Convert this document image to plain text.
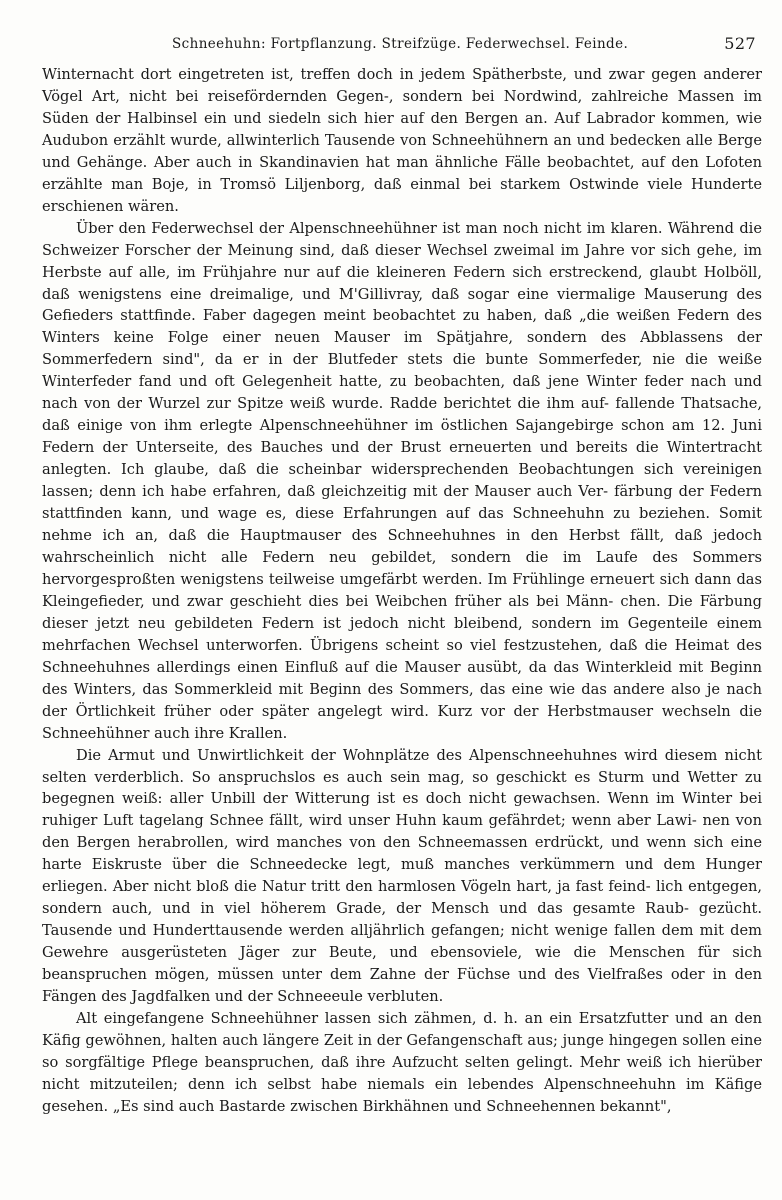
Schneehuhn: Fortpflanzung. Streifzüge. Federwechsel. Feinde.	527

Winternacht dort eingetreten ist, treffen doch in jedem Spätherbste, und zwar gegen anderer Vögel Art, nicht bei reisefördernden Gegen-, sondern bei Nordwind, zahlreiche Massen im Süden der Halbinsel ein und siedeln sich hier auf den Bergen an. Auf Labrador kommen, wie Audubon erzählt wurde, allwinterlich Tausende von Schneehühnern an und bedecken alle Berge und Gehänge. Aber auch in Skandinavien hat man ähnliche Fälle beobachtet, auf den Lofoten erzählte man Boje, in Tromsö Liljenborg, daß einmal bei starkem Ostwinde viele Hunderte erschienen wären.

Über den Federwechsel der Alpenschneehühner ist man noch nicht im klaren. Während die Schweizer Forscher der Meinung sind, daß dieser Wechsel zweimal im Jahre vor sich gehe, im Herbste auf alle, im Frühjahre nur auf die kleineren Federn sich erstreckend, glaubt Holböll, daß wenigstens eine dreimalige, und M'Gillivray, daß sogar eine viermalige Mauserung des Gefieders stattfinde. Faber dagegen meint beobachtet zu haben, daß „die weißen Federn des Winters keine Folge einer neuen Mauser im Spätjahre, sondern des Abblassens der Sommerfedern sind", da er in der Blutfeder stets die bunte Sommerfeder, nie die weiße Winterfeder fand und oft Gelegenheit hatte, zu beobachten, daß jene Winter feder nach und nach von der Wurzel zur Spitze weiß wurde. Radde berichtet die ihm auf- fallende Thatsache, daß einige von ihm erlegte Alpenschneehühner im östlichen Sajangebirge schon am 12. Juni Federn der Unterseite, des Bauches und der Brust erneuerten und bereits die Wintertracht anlegten. Ich glaube, daß die scheinbar widersprechenden Beobachtungen sich vereinigen lassen; denn ich habe erfahren, daß gleichzeitig mit der Mauser auch Ver- färbung der Federn stattfinden kann, und wage es, diese Erfahrungen auf das Schneehuhn zu beziehen. Somit nehme ich an, daß die Hauptmauser des Schneehuhnes in den Herbst fällt, daß jedoch wahrscheinlich nicht alle Federn neu gebildet, sondern die im Laufe des Sommers hervorgesproßten wenigstens teilweise umgefärbt werden. Im Frühlinge erneuert sich dann das Kleingefieder, und zwar geschieht dies bei Weibchen früher als bei Männ- chen. Die Färbung dieser jetzt neu gebildeten Federn ist jedoch nicht bleibend, sondern im Gegenteile einem mehrfachen Wechsel unterworfen. Übrigens scheint so viel festzustehen, daß die Heimat des Schneehuhnes allerdings einen Einfluß auf die Mauser ausübt, da das Winterkleid mit Beginn des Winters, das Sommerkleid mit Beginn des Sommers, das eine wie das andere also je nach der Örtlichkeit früher oder später angelegt wird. Kurz vor der Herbstmauser wechseln die Schneehühner auch ihre Krallen.

Die Armut und Unwirtlichkeit der Wohnplätze des Alpenschneehuhnes wird diesem nicht selten verderblich. So anspruchslos es auch sein mag, so geschickt es Sturm und Wetter zu begegnen weiß: aller Unbill der Witterung ist es doch nicht gewachsen. Wenn im Winter bei ruhiger Luft tagelang Schnee fällt, wird unser Huhn kaum gefährdet; wenn aber Lawi- nen von den Bergen herabrollen, wird manches von den Schneemassen erdrückt, und wenn sich eine harte Eiskruste über die Schneedecke legt, muß manches verkümmern und dem Hunger erliegen. Aber nicht bloß die Natur tritt den harmlosen Vögeln hart, ja fast feind- lich entgegen, sondern auch, und in viel höherem Grade, der Mensch und das gesamte Raub- gezücht. Tausende und Hunderttausende werden alljährlich gefangen; nicht wenige fallen dem mit dem Gewehre ausgerüsteten Jäger zur Beute, und ebensoviele, wie die Menschen für sich beanspruchen mögen, müssen unter dem Zahne der Füchse und des Vielfraßes oder in den Fängen des Jagdfalken und der Schneeeule verbluten.

Alt eingefangene Schneehühner lassen sich zähmen, d. h. an ein Ersatzfutter und an den Käfig gewöhnen, halten auch längere Zeit in der Gefangenschaft aus; junge hingegen sollen eine so sorgfältige Pflege beanspruchen, daß ihre Aufzucht selten gelingt. Mehr weiß ich hierüber nicht mitzuteilen; denn ich selbst habe niemals ein lebendes Alpenschneehuhn im Käfige gesehen. „Es sind auch Bastarde zwischen Birkhähnen und Schneehennen bekannt",
